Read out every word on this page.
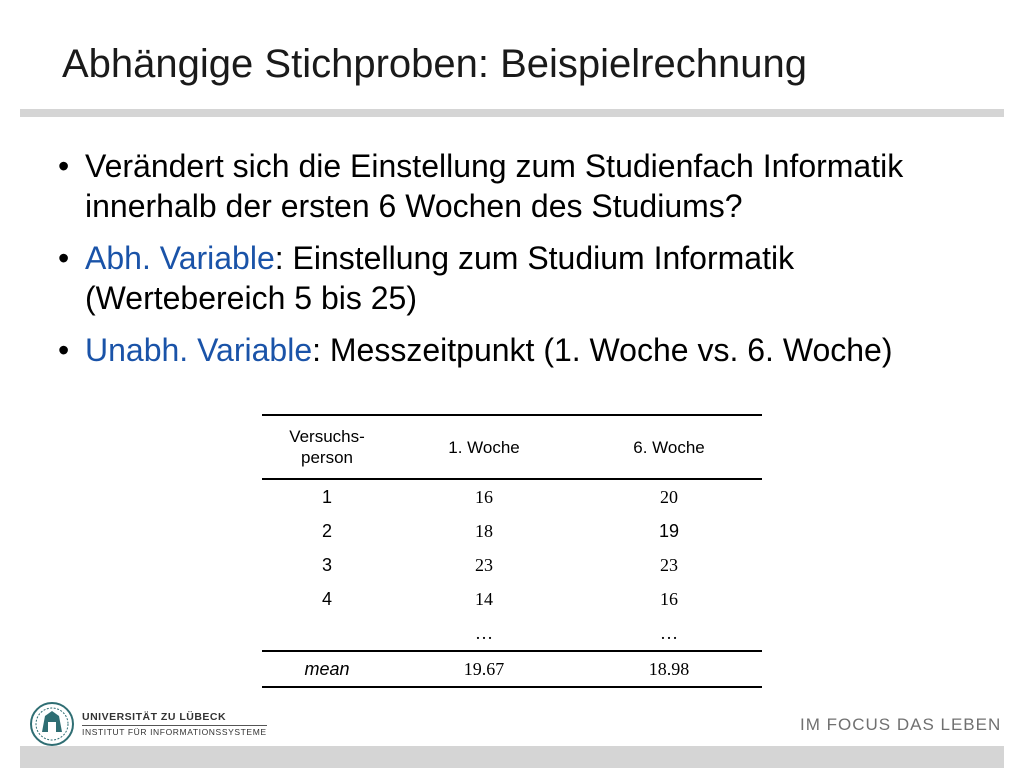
Abhängige Stichproben: Beispielrechnung
• Verändert sich die Einstellung zum Studienfach Informatik innerhalb der ersten 6 Wochen des Studiums?
• Abh. Variable: Einstellung zum Studium Informatik (Wertebereich 5 bis 25)
• Unabh. Variable: Messzeitpunkt (1. Woche vs. 6. Woche)
Versuchs-
person	1. Woche	6. Woche
1	16	20
2	18	19
3	23	23
4	14	16
	…	…
mean	19.67	18.98
UNIVERSITÄT ZU LÜBECK
INSTITUT FÜR INFORMATIONSSYSTEME	IM FOCUS DAS LEBEN
